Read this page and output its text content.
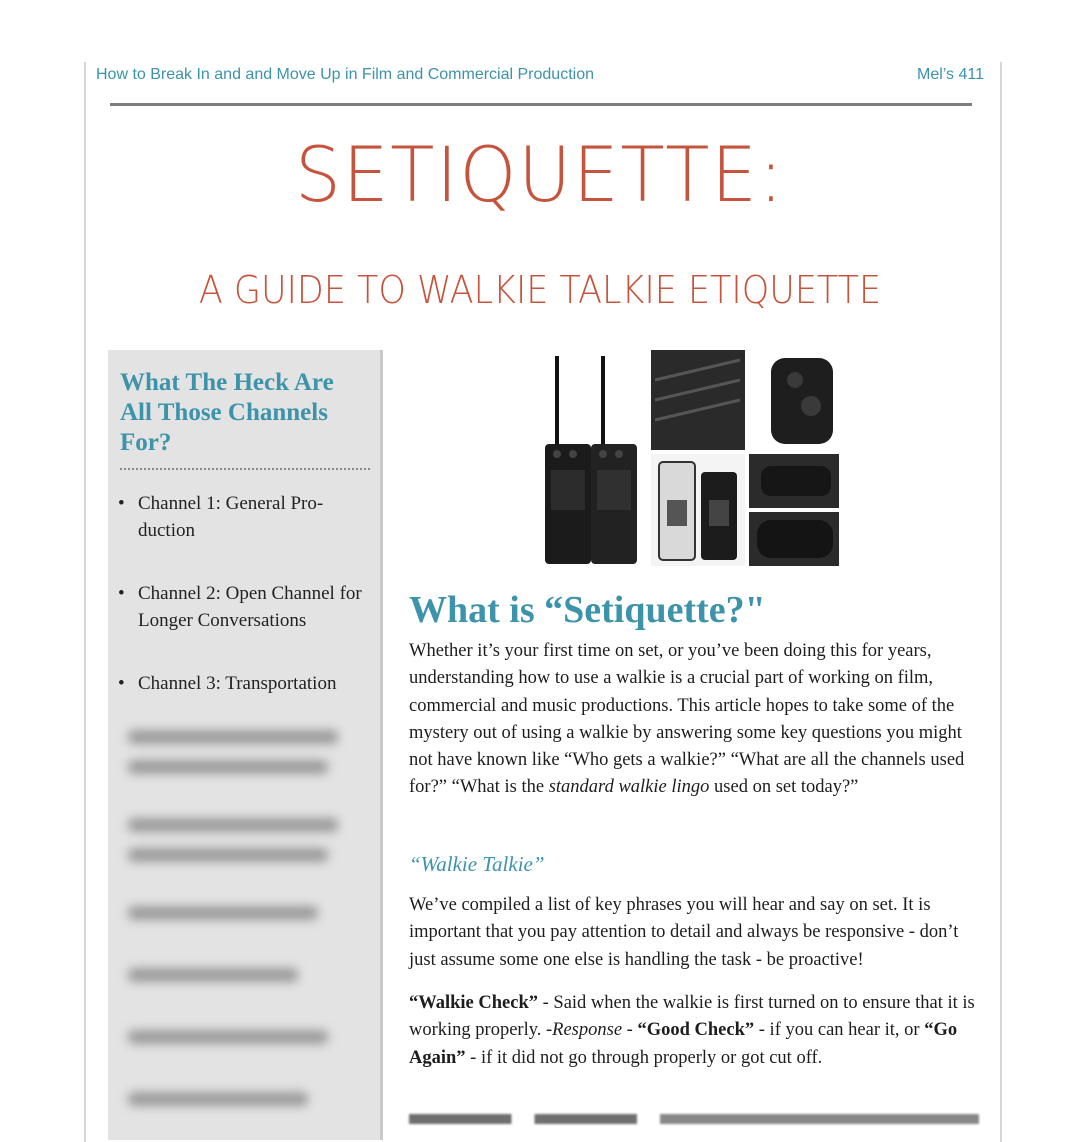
How to Break In and and Move Up in Film and Commercial Production	Mel’s 411
SETIQUETTE:
A GUIDE TO WALKIE TALKIE ETIQUETTE
What The Heck Are All Those Channels For?
• Channel 1: General Pro-duction
• Channel 2: Open Channel for Longer Conversations
• Channel 3: Transportation
What is “Setiquette?"
Whether it’s your first time on set, or you’ve been doing this for years, understanding how to use a walkie is a crucial part of working on film, commercial and music productions. This article hopes to take some of the mystery out of using a walkie by answering some key questions you might not have known like “Who gets a walkie?” “What are all the channels used for?” “What is the standard walkie lingo used on set today?”
“Walkie Talkie”
We’ve compiled a list of key phrases you will hear and say on set. It is important that you pay attention to detail and always be responsive - don’t just assume some one else is handling the task - be proactive!
“Walkie Check” - Said when the walkie is first turned on to ensure that it is working properly. -Response - “Good Check” - if you can hear it, or “Go Again” - if it did not go through properly or got cut off.
